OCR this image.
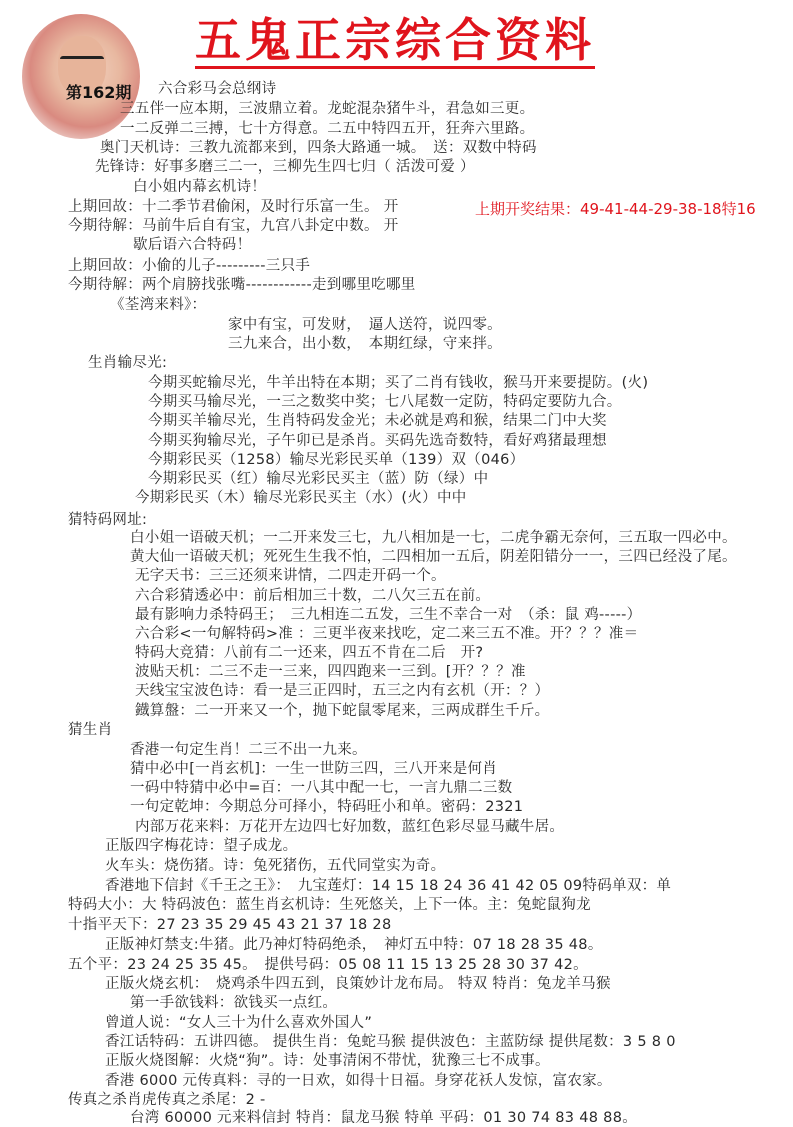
五鬼正宗综合资料
第162期 六合彩马会总纲诗
上期开奖结果：49-41-44-29-38-18特16
三五伴一应本期，三波鼎立着。龙蛇混杂猪牛斗，君急如三更。
一二反弹二三搏，七十方得意。二五中特四五开，狂奔六里路。
奥门天机诗：三教九流都来到，四条大路通一城。　送：双数中特码
先锋诗：好事多磨三二一，三柳先生四七归（ 活泼可爱 ）
白小姐内幕玄机诗！
上期回故：十二季节君偷闲，及时行乐富一生。 开
今期待解：马前牛后自有宝，九宫八卦定中数。 开
歇后语六合特码！
上期回故：小偷的儿子---------三只手
今期待解：两个肩膀找张嘴------------走到哪里吃哪里
《荃湾来料》：
家中有宝，可发财，　逼人送符，说四零。
三九来合，出小数，　本期红绿，守来拌。
生肖输尽光:
今期买蛇输尽光，牛羊出特在本期；买了二肖有钱收，猴马开来要提防。(火)
今期买马输尽光，一三之数奖中奖；七八尾数一定防，特码定要防九合。
今期买羊输尽光，生肖特码发金光；未必就是鸡和猴，结果二门中大奖
今期买狗输尽光，子午卯已是杀肖。买码先选奇数特，看好鸡猪最理想
今期彩民买（1258）输尽光彩民买单（139）双（046）
今期彩民买（红）输尽光彩民买主（蓝）防（绿）中
今期彩民买（木）输尽光彩民买主（水）(火）中中
猜特码网址:
白小姐一语破天机；一二开来发三七，九八相加是一七，二虎争霸无奈何，三五取一四必中。
黄大仙一语破天机；死死生生我不怕，二四相加一五后，阴差阳错分一一，三四已经没了尾。
无字天书：三三还须来讲情，二四走开码一个。
六合彩猜透必中：前后相加三十数，二八欠三五在前。
最有影响力杀特码王；　三九相连二五发，三生不幸合一对　（杀：鼠 鸡-----）
六合彩<一句解特码>准 ：三更半夜来找吃，定二来三五不准。开？？？准＝
特码大竞猜：八前有二一还来，四五不肯在二后　开?
波贴天机：二三不走一三来，四四跑来一三到。[开？？？准
天线宝宝波色诗：看一是三正四时，五三之内有玄机（开：？）
鐡算盤：二一开来又一个，抛下蛇鼠零尾来，三两成群生千斤。
猜生肖
香港一句定生肖！二三不出一九来。
猜中必中[一肖玄机]：一生一世防三四，三八开来是何肖
一码中特猜中必中=百：一八其中配一七，一言九鼎二三数
一句定乾坤：今期总分可择小，特码旺小和单。密码：2321
内部万花来料：万花开左边四七好加数，蓝红色彩尽显马藏牛居。
正版四字梅花诗：望子成龙。
火车头：烧伤猪。诗：兔死猪伤，五代同堂实为奇。
香港地下信封《千王之王》：　九宝莲灯：14 15 18 24 36 41 42 05 09特码单双：单
特码大小：大 特码波色：蓝生肖玄机诗：生死悠关，上下一体。主：兔蛇鼠狗龙
十指平天下：27 23 35 29 45 43 21 37 18 28
正版神灯禁支:牛猪。此乃神灯特码绝杀，　神灯五中特：07 18 28 35 48。
五个平：23 24 25 35 45。　提供号码：05 08 11 15 13 25 28 30 37 42。
正版火烧玄机：　烧鸡杀牛四五到，良策妙计龙布局。 特双 特肖：兔龙羊马猴
第一手欲钱料：欲钱买一点红。
曾道人说：“女人三十为什么喜欢外国人”
香江话特码：五讲四德。 提供生肖：兔蛇马猴 提供波色：主蓝防绿 提供尾数：3 5 8 0
正版火烧图解：火烧“狗”。诗：处事清闲不带忧，犹豫三七不成事。
香港 6000 元传真料：寻的一日欢，如得十日福。身穿花袄人发惊，富农家。
传真之杀肖虎传真之杀尾：2 -
台湾 60000 元来料信封 特肖：鼠龙马猴 特单 平码：01 30 74 83 48 88。
